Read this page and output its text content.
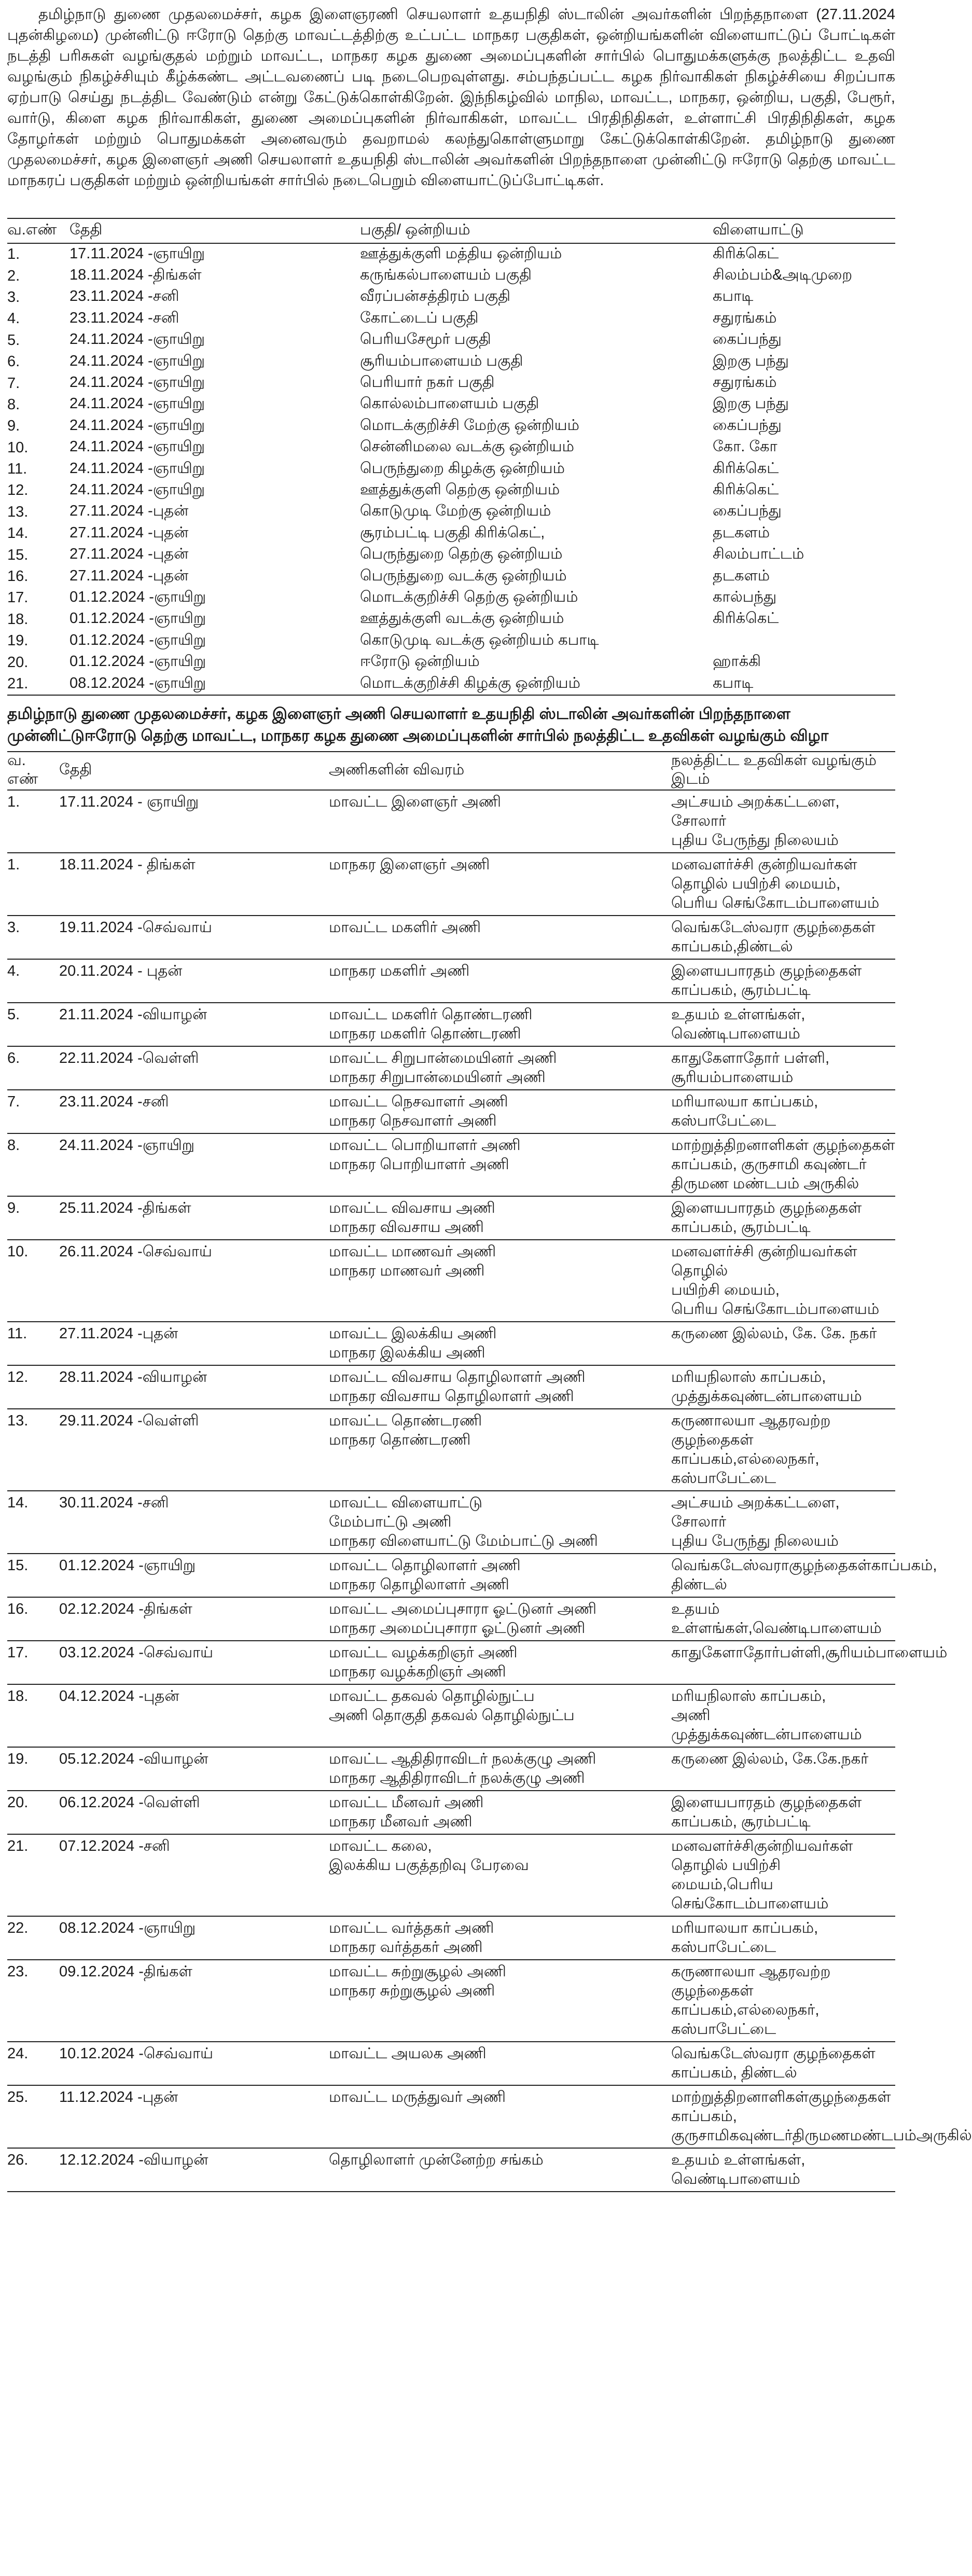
தமிழ்நாடு துணை முதலமைச்சர், கழக இளைஞரணி செயலாளர் உதயநிதி ஸ்டாலின் அவர்களின் பிறந்தநாளை (27.11.2024 புதன்கிழமை) முன்னிட்டு ஈரோடு தெற்கு மாவட்டத்திற்கு உட்பட்ட மாநகர பகுதிகள், ஒன்றியங்களின் விளையாட்டுப் போட்டிகள் நடத்தி பரிசுகள் வழங்குதல் மற்றும் மாவட்ட, மாநகர கழக துணை அமைப்புகளின் சார்பில் பொதுமக்களுக்கு நலத்திட்ட உதவி வழங்கும் நிகழ்ச்சியும் கீழ்க்கண்ட அட்டவணைப் படி நடைபெறவுள்ளது. சம்பந்தப்பட்ட கழக நிர்வாகிகள் நிகழ்ச்சியை சிறப்பாக ஏற்பாடு செய்து நடத்திட வேண்டும் என்று கேட்டுக்கொள்கிறேன். இந்நிகழ்வில் மாநில, மாவட்ட, மாநகர, ஒன்றிய, பகுதி, பேரூர், வார்டு, கிளை கழக நிர்வாகிகள், துணை அமைப்புகளின் நிர்வாகிகள், மாவட்ட பிரதிநிதிகள், உள்ளாட்சி பிரதிநிதிகள், கழக தோழர்கள் மற்றும் பொதுமக்கள் அனைவரும் தவறாமல் கலந்துகொள்ளுமாறு கேட்டுக்கொள்கிறேன். தமிழ்நாடு துணை முதலமைச்சர், கழக இளைஞர் அணி செயலாளர் உதயநிதி ஸ்டாலின் அவர்களின் பிறந்தநாளை முன்னிட்டு ஈரோடு தெற்கு மாவட்ட மாநகரப் பகுதிகள் மற்றும் ஒன்றியங்கள் சார்பில் நடைபெறும் விளையாட்டுப்போட்டிகள்.
வ.எண்	தேதி	பகுதி/ ஒன்றியம்	விளையாட்டு
1.	17.11.2024 -ஞாயிறு	ஊத்துக்குளி மத்திய ஒன்றியம்	கிரிக்கெட்
2.	18.11.2024 -திங்கள்	கருங்கல்பாளையம் பகுதி	சிலம்பம்&அடிமுறை
3.	23.11.2024 -சனி	வீரப்பன்சத்திரம் பகுதி	கபாடி
4.	23.11.2024 -சனி	கோட்டைப் பகுதி	சதுரங்கம்
5.	24.11.2024 -ஞாயிறு	பெரியசேமூர் பகுதி	கைப்பந்து
6.	24.11.2024 -ஞாயிறு	சூரியம்பாளையம் பகுதி	இறகு பந்து
7.	24.11.2024 -ஞாயிறு	பெரியார் நகர் பகுதி	சதுரங்கம்
8.	24.11.2024 -ஞாயிறு	கொல்லம்பாளையம் பகுதி	இறகு பந்து
9.	24.11.2024 -ஞாயிறு	மொடக்குறிச்சி மேற்கு ஒன்றியம்	கைப்பந்து
10.	24.11.2024 -ஞாயிறு	சென்னிமலை வடக்கு ஒன்றியம்	கோ. கோ
11.	24.11.2024 -ஞாயிறு	பெருந்துறை கிழக்கு ஒன்றியம்	கிரிக்கெட்
12.	24.11.2024 -ஞாயிறு	ஊத்துக்குளி தெற்கு ஒன்றியம்	கிரிக்கெட்
13.	27.11.2024 -புதன்	கொடுமுடி மேற்கு ஒன்றியம்	கைப்பந்து
14.	27.11.2024 -புதன்	சூரம்பட்டி பகுதி கிரிக்கெட்,	தடகளம்
15.	27.11.2024 -புதன்	பெருந்துறை தெற்கு ஒன்றியம்	சிலம்பாட்டம்
16.	27.11.2024 -புதன்	பெருந்துறை வடக்கு ஒன்றியம்	தடகளம்
17.	01.12.2024 -ஞாயிறு	மொடக்குறிச்சி தெற்கு ஒன்றியம்	கால்பந்து
18.	01.12.2024 -ஞாயிறு	ஊத்துக்குளி வடக்கு ஒன்றியம்	கிரிக்கெட்
19.	01.12.2024 -ஞாயிறு	கொடுமுடி வடக்கு ஒன்றியம் கபாடி	
20.	01.12.2024 -ஞாயிறு	ஈரோடு ஒன்றியம்	ஹாக்கி
21.	08.12.2024 -ஞாயிறு	மொடக்குறிச்சி கிழக்கு ஒன்றியம்	கபாடி
தமிழ்நாடு துணை முதலமைச்சர், கழக இளைஞர் அணி செயலாளர் உதயநிதி ஸ்டாலின் அவர்களின் பிறந்தநாளை முன்னிட்டுஈரோடு தெற்கு மாவட்ட, மாநகர கழக துணை அமைப்புகளின் சார்பில் நலத்திட்ட உதவிகள் வழங்கும் விழா
வ. எண்	தேதி	அணிகளின் விவரம்	நலத்திட்ட உதவிகள் வழங்கும் இடம்
1.	17.11.2024 - ஞாயிறு	மாவட்ட இளைஞர் அணி	அட்சயம் அறக்கட்டளை, சோலார்
புதிய பேருந்து நிலையம்

1.	18.11.2024 - திங்கள்	மாநகர இளைஞர் அணி	மனவளர்ச்சி குன்றியவர்கள்
தொழில் பயிற்சி மையம்,
பெரிய செங்கோடம்பாளையம்

3.	19.11.2024 -செவ்வாய்	மாவட்ட மகளிர் அணி	வெங்கடேஸ்வரா குழந்தைகள்
காப்பகம்,திண்டல்

4.	20.11.2024 - புதன்	மாநகர மகளிர் அணி	இளையபாரதம் குழந்தைகள்
காப்பகம், சூரம்பட்டி

5.	21.11.2024 -வியாழன்	மாவட்ட மகளிர் தொண்டரணி
மாநகர மகளிர் தொண்டரணி	உதயம் உள்ளங்கள்,
வெண்டிபாளையம்

6.	22.11.2024 -வெள்ளி	மாவட்ட சிறுபான்மையினர் அணி
மாநகர சிறுபான்மையினர் அணி	காதுகேளாதோர் பள்ளி,
சூரியம்பாளையம்

7.	23.11.2024 -சனி	மாவட்ட நெசவாளர் அணி
மாநகர நெசவாளர் அணி	மரியாலயா காப்பகம்,
கஸ்பாபேட்டை

8.	24.11.2024 -ஞாயிறு	மாவட்ட பொறியாளர் அணி
மாநகர பொறியாளர் அணி	மாற்றுத்திறனாளிகள் குழந்தைகள்
காப்பகம், குருசாமி கவுண்டர்
திருமண மண்டபம் அருகில்

9.	25.11.2024 -திங்கள்	மாவட்ட விவசாய அணி
மாநகர விவசாய அணி	இளையபாரதம் குழந்தைகள்
காப்பகம், சூரம்பட்டி

10.	26.11.2024 -செவ்வாய்	மாவட்ட மாணவர் அணி
மாநகர மாணவர் அணி	மனவளர்ச்சி குன்றியவர்கள் தொழில்
பயிற்சி மையம்,
பெரிய செங்கோடம்பாளையம்

11.	27.11.2024 -புதன்	மாவட்ட இலக்கிய அணி
மாநகர இலக்கிய அணி	கருணை இல்லம், கே. கே. நகர்

12.	28.11.2024 -வியாழன்	மாவட்ட விவசாய தொழிலாளர் அணி
மாநகர விவசாய தொழிலாளர் அணி	மரியநிலாஸ் காப்பகம்,
முத்துக்கவுண்டன்பாளையம்

13.	29.11.2024 -வெள்ளி	மாவட்ட தொண்டரணி
மாநகர தொண்டரணி	கருணாலயா ஆதரவற்ற குழந்தைகள்
காப்பகம்,எல்லைநகர், கஸ்பாபேட்டை

14.	30.11.2024 -சனி	மாவட்ட விளையாட்டு
மேம்பாட்டு அணி
மாநகர விளையாட்டு மேம்பாட்டு அணி	அட்சயம் அறக்கட்டளை, சோலார்
புதிய பேருந்து நிலையம்

15.	01.12.2024 -ஞாயிறு	மாவட்ட தொழிலாளர் அணி
மாநகர தொழிலாளர் அணி	வெங்கடேஸ்வராகுழந்தைகள்காப்பகம்,
திண்டல்

16.	02.12.2024 -திங்கள்	மாவட்ட அமைப்புசாரா ஓட்டுனர் அணி
மாநகர அமைப்புசாரா ஓட்டுனர் அணி	உதயம் உள்ளங்கள்,வெண்டிபாளையம்

17.	03.12.2024 -செவ்வாய்	மாவட்ட வழக்கறிஞர் அணி
மாநகர வழக்கறிஞர் அணி	காதுகேளாதோர்பள்ளி,சூரியம்பாளையம்

18.	04.12.2024 -புதன்	மாவட்ட தகவல் தொழில்நுட்ப
அணி தொகுதி தகவல் தொழில்நுட்ப	மரியநிலாஸ் காப்பகம்,
அணி முத்துக்கவுண்டன்பாளையம்

19.	05.12.2024 -வியாழன்	மாவட்ட ஆதிதிராவிடர் நலக்குழு அணி
மாநகர ஆதிதிராவிடர் நலக்குழு அணி	கருணை இல்லம், கே.கே.நகர்

20.	06.12.2024 -வெள்ளி	மாவட்ட மீனவர் அணி
மாநகர மீனவர் அணி	இளையபாரதம் குழந்தைகள்
காப்பகம், சூரம்பட்டி

21.	07.12.2024 -சனி	மாவட்ட கலை,
இலக்கிய பகுத்தறிவு பேரவை	மனவளர்ச்சிகுன்றியவர்கள் தொழில் பயிற்சி
மையம்,பெரிய செங்கோடம்பாளையம்

22.	08.12.2024 -ஞாயிறு	மாவட்ட வர்த்தகர் அணி
மாநகர வர்த்தகர் அணி	மரியாலயா காப்பகம், கஸ்பாபேட்டை

23.	09.12.2024 -திங்கள்	மாவட்ட சுற்றுசூழல் அணி
மாநகர சுற்றுசூழல் அணி	கருணாலயா ஆதரவற்ற
குழந்தைகள் காப்பகம்,எல்லைநகர்,
கஸ்பாபேட்டை

24.	10.12.2024 -செவ்வாய்	மாவட்ட அயலக அணி	வெங்கடேஸ்வரா குழந்தைகள்
காப்பகம், திண்டல்

25.	11.12.2024 -புதன்	மாவட்ட மருத்துவர் அணி	மாற்றுத்திறனாளிகள்குழந்தைகள் காப்பகம்,
குருசாமிகவுண்டர்திருமணமண்டபம்அருகில்

26.	12.12.2024 -வியாழன்	தொழிலாளர் முன்னேற்ற சங்கம்	உதயம் உள்ளங்கள், வெண்டிபாளையம்
